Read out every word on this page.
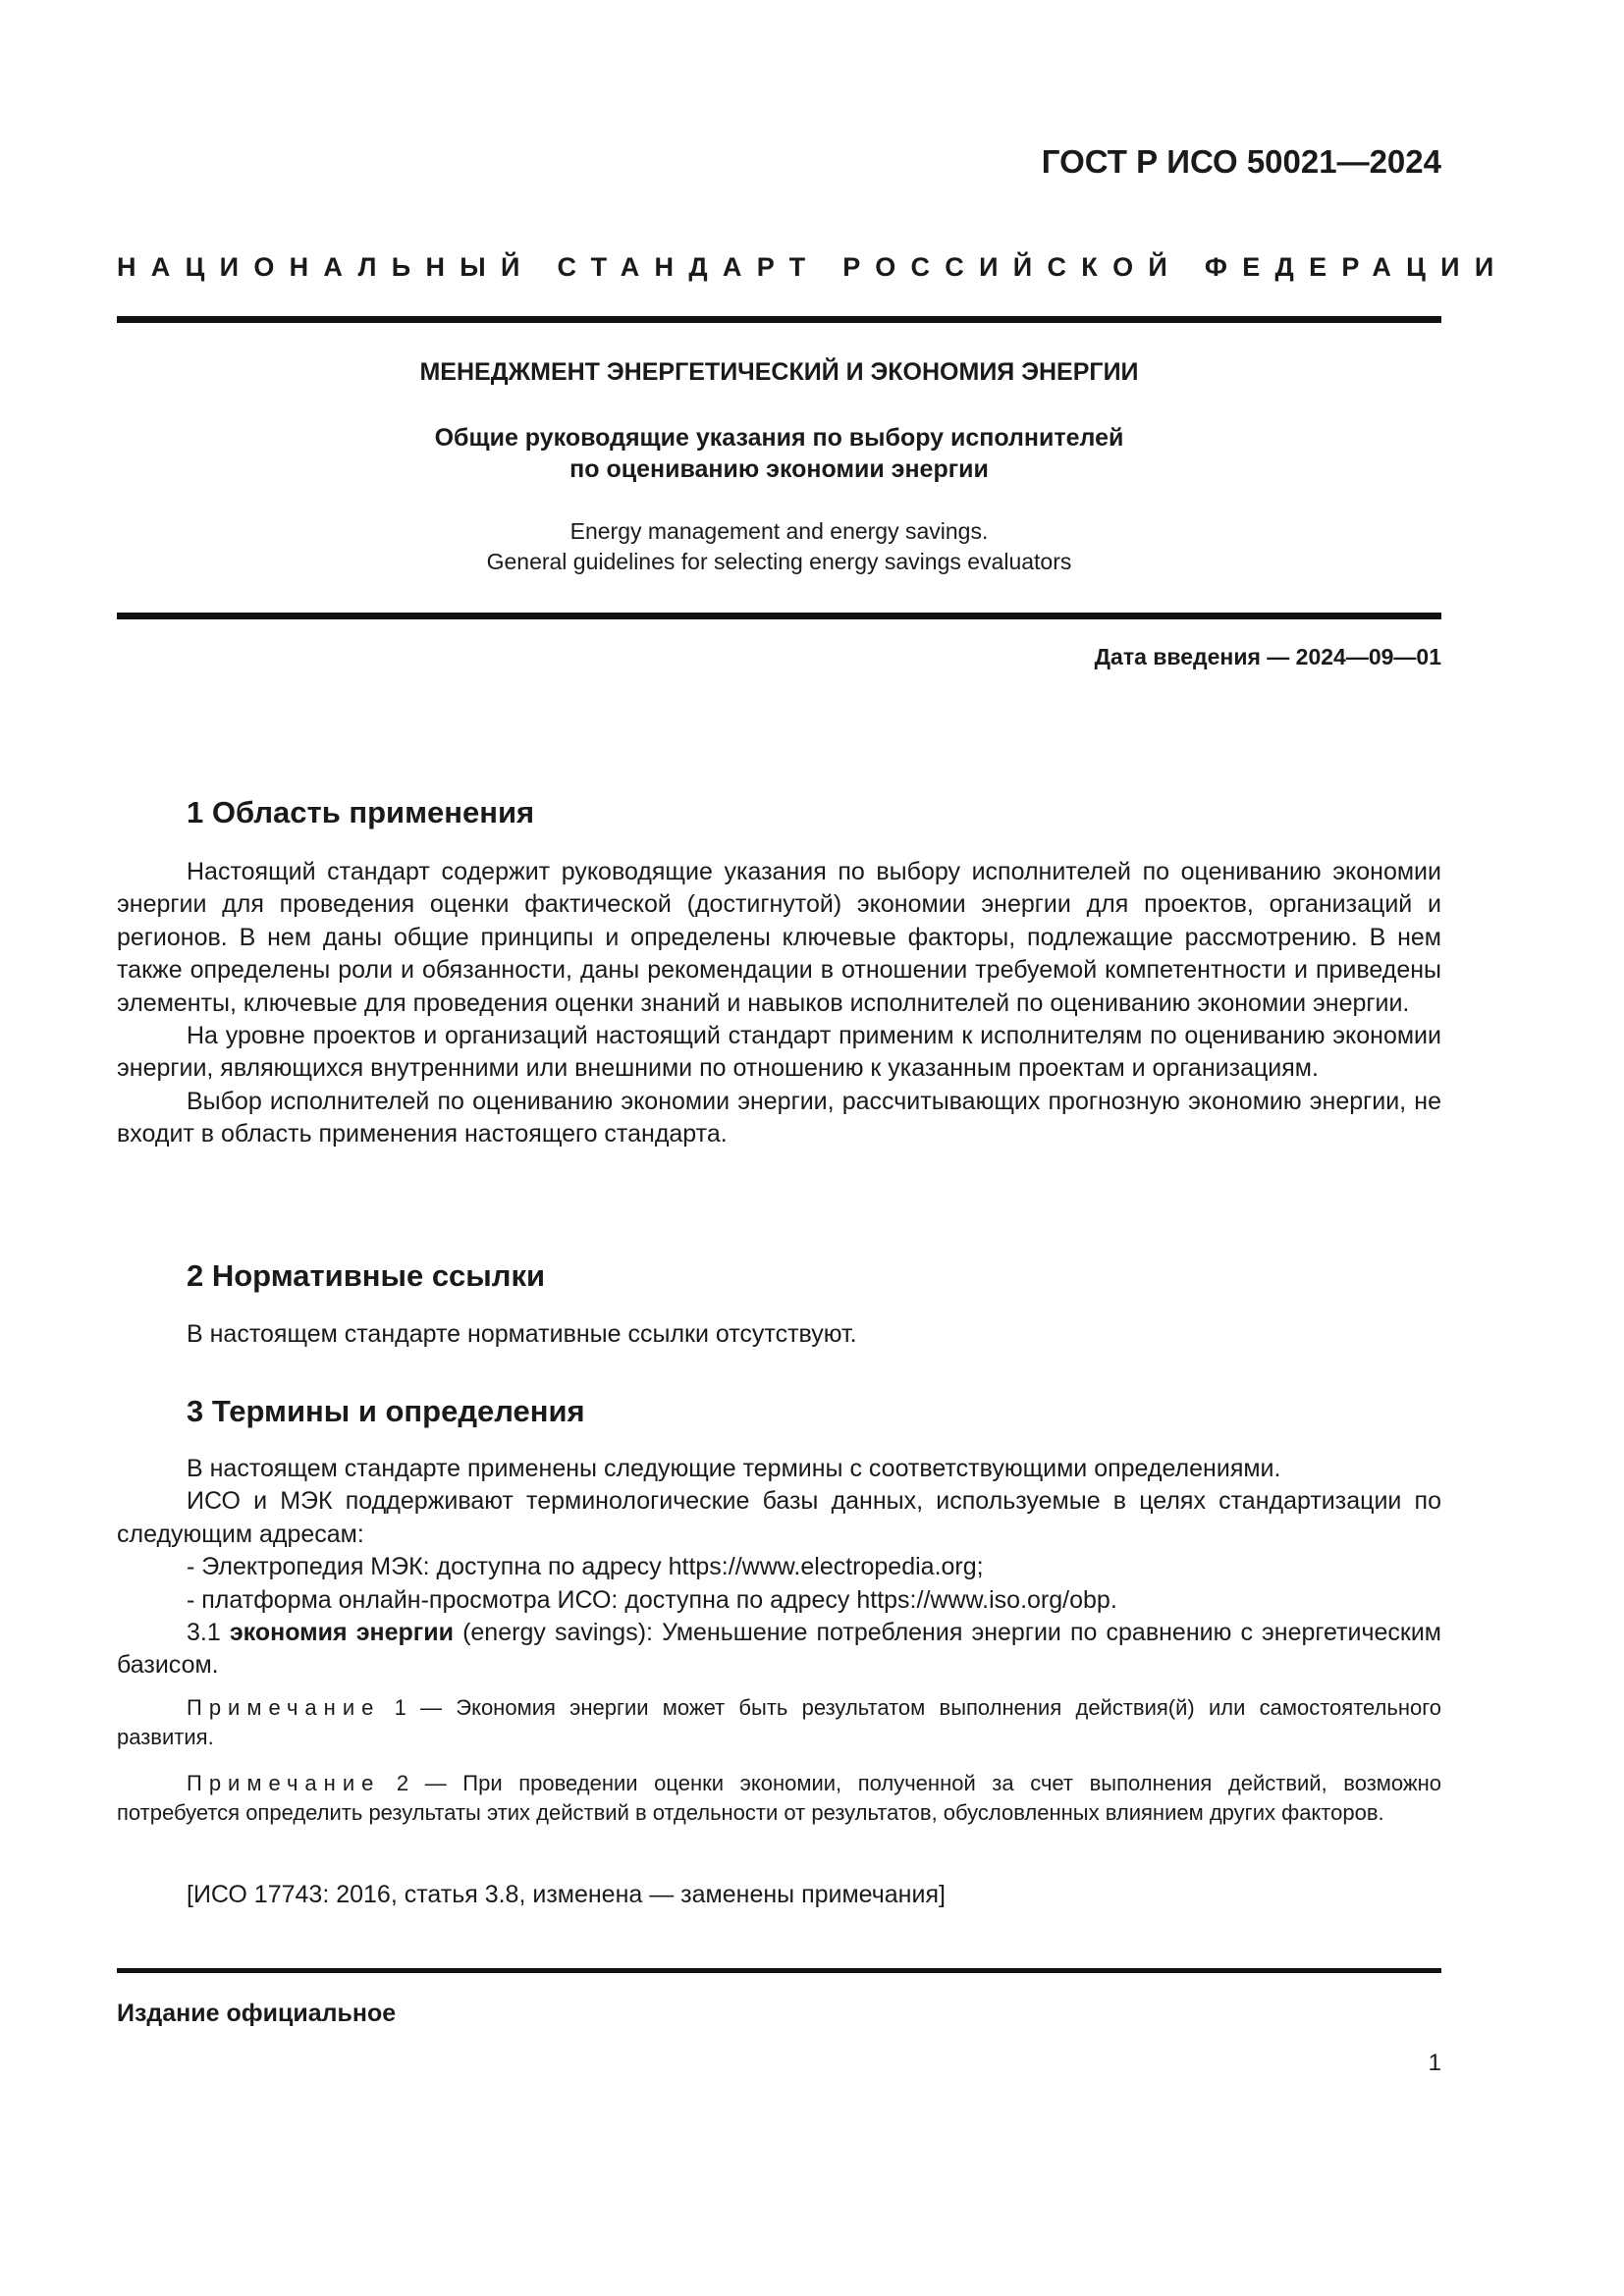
ГОСТ Р ИСО 50021—2024
НАЦИОНАЛЬНЫЙ СТАНДАРТ РОССИЙСКОЙ ФЕДЕРАЦИИ
МЕНЕДЖМЕНТ ЭНЕРГЕТИЧЕСКИЙ И ЭКОНОМИЯ ЭНЕРГИИ
Общие руководящие указания по выбору исполнителей
по оцениванию экономии энергии
Energy management and energy savings.
General guidelines for selecting energy savings evaluators
Дата введения — 2024—09—01
1 Область применения

Настоящий стандарт содержит руководящие указания по выбору исполнителей по оцениванию экономии энергии для проведения оценки фактической (достигнутой) экономии энергии для проектов, организаций и регионов. В нем даны общие принципы и определены ключевые факторы, подлежащие рассмотрению. В нем также определены роли и обязанности, даны рекомендации в отношении требуемой компетентности и приведены элементы, ключевые для проведения оценки знаний и навыков исполнителей по оцениванию экономии энергии.

На уровне проектов и организаций настоящий стандарт применим к исполнителям по оцениванию экономии энергии, являющихся внутренними или внешними по отношению к указанным проектам и организациям.

Выбор исполнителей по оцениванию экономии энергии, рассчитывающих прогнозную экономию энергии, не входит в область применения настоящего стандарта.

2 Нормативные ссылки

В настоящем стандарте нормативные ссылки отсутствуют.

3 Термины и определения

В настоящем стандарте применены следующие термины с соответствующими определениями.

ИСО и МЭК поддерживают терминологические базы данных, используемые в целях стандартизации по следующим адресам:

- Электропедия МЭК: доступна по адресу https://www.electropedia.org;

- платформа онлайн-просмотра ИСО: доступна по адресу https://www.iso.org/obp.

3.1 экономия энергии (energy savings): Уменьшение потребления энергии по сравнению с энергетическим базисом.

Примечание 1 — Экономия энергии может быть результатом выполнения действия(й) или самостоятельного развития.
Примечание 2 — При проведении оценки экономии, полученной за счет выполнения действий, возможно потребуется определить результаты этих действий в отдельности от результатов, обусловленных влиянием других факторов.

[ИСО 17743: 2016, статья 3.8, изменена — заменены примечания]

Издание официальное
1
